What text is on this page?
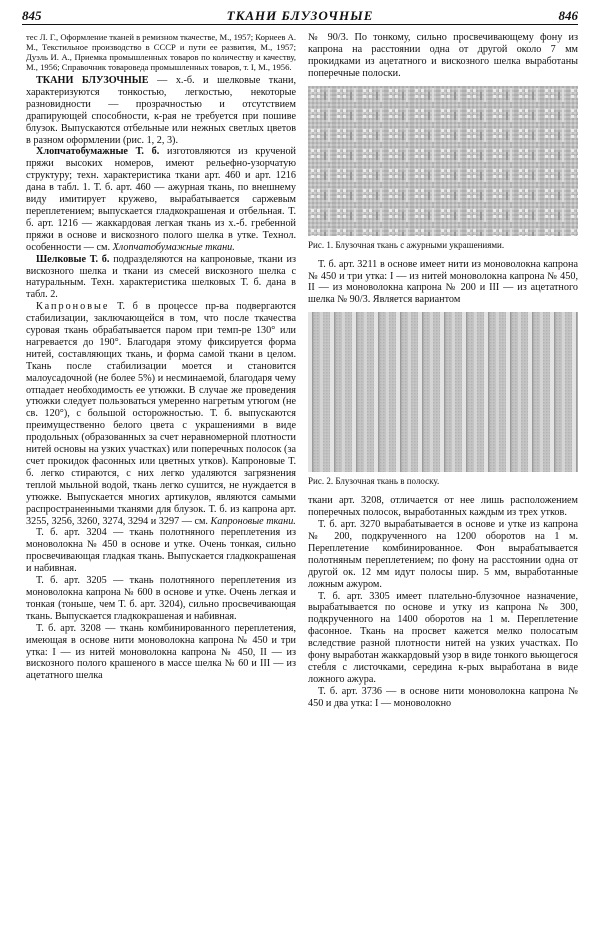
845	ТКАНИ БЛУЗОЧНЫЕ	846

тес Л. Г., Оформление тканей в ремизном ткачестве, М., 1957; Корнеев А. М., Текстильное производство в СССР и пути ее развития, М., 1957; Дуэль И. А., Приемка промышленных товаров по количеству и качеству, М., 1956; Справочник товароведа промышленных товаров, т. I, М., 1956.

ТКАНИ БЛУЗОЧНЫЕ — х.-б. и шелковые ткани, характеризуются тонкостью, легкостью, некоторые разновидности — прозрачностью и отсутствием драпирующей способности, к-рая не требуется при пошиве блузок. Выпускаются отбельные или нежных светлых цветов в разном оформлении (рис. 1, 2, 3).

Хлопчатобумажные Т. б. изготовляются из крученой пряжи высоких номеров, имеют рельефно-узорчатую структуру; техн. характеристика ткани арт. 460 и арт. 1216 дана в табл. 1. Т. б. арт. 460 — ажурная ткань, по внешнему виду имитирует кружево, вырабатывается саржевым переплетением; выпускается гладкокрашеная и отбельная. Т. б. арт. 1216 — жаккардовая легкая ткань из х.-б. гребенной пряжи в основе и вискозного полого шелка в утке. Технол. особенности — см. Хлопчатобумажные ткани.

Шелковые Т. б. подразделяются на капроновые, ткани из вискозного шелка и ткани из смесей вискозного шелка с натуральным. Техн. характеристика шелковых Т. б. дана в табл. 2.

Капроновые Т. б в процессе пр-ва подвергаются стабилизации, заключающейся в том, что после ткачества суровая ткань обрабатывается паром при темп-ре 130° или нагревается до 190°. Благодаря этому фиксируется форма нитей, составляющих ткань, и форма самой ткани в целом. Ткань после стабилизации моется и становится малоусадочной (не более 5%) и несминаемой, благодаря чему отпадает необходимость ее утюжки. В случае же проведения утюжки следует пользоваться умеренно нагретым утюгом (не св. 120°), с большой осторожностью. Т. б. выпускаются преимущественно белого цвета с украшениями в виде продольных (образованных за счет неравномерной плотности нитей основы на узких участках) или поперечных полосок (за счет прокидок фасонных или цветных утков). Капроновые Т. б. легко стираются, с них легко удаляются загрязнения теплой мыльной водой, ткань легко сушится, не нуждается в утюжке. Выпускается многих артикулов, являются самыми распространенными тканями для блузок. Т. б. из капрона арт. 3255, 3256, 3260, 3274, 3294 и 3297 — см. Капроновые ткани.

Т. б. арт. 3204 — ткань полотняного переплетения из моноволокна № 450 в основе и утке. Очень тонкая, сильно просвечивающая гладкая ткань. Выпускается гладкокрашеная и набивная.

Т. б. арт. 3205 — ткань полотняного переплетения из моноволокна капрона № 600 в основе и утке. Очень легкая и тонкая (тоньше, чем Т. б. арт. 3204), сильно просвечивающая ткань. Выпускается гладкокрашеная и набивная.

Т. б. арт. 3208 — ткань комбинированного переплетения, имеющая в основе нити моноволокна капрона № 450 и три утка: I — из нитей моноволокна капрона № 450, II — из вискозного полого крашеного в массе шелка № 60 и III — из ацетатного шелка

№ 90/3. По тонкому, сильно просвечивающему фону из капрона на расстоянии одна от другой около 7 мм прокидками из ацетатного и вискозного шелка выработаны поперечные полоски.

Рис. 1. Блузочная ткань с ажурными украшениями.

Т. б. арт. 3211 в основе имеет нити из моноволокна капрона № 450 и три утка: I — из нитей моноволокна капрона № 450, II — из моноволокна капрона № 200 и III — из ацетатного шелка № 90/3. Является вариантом

Рис. 2. Блузочная ткань в полоску.

ткани арт. 3208, отличается от нее лишь расположением поперечных полосок, выработанных каждым из трех утков.

Т. б. арт. 3270 вырабатывается в основе и утке из капрона № 200, подкрученного на 1200 оборотов на 1 м. Переплетение комбинированное. Фон вырабатывается полотняным переплетением; по фону на расстоянии одна от другой ок. 12 мм идут полосы шир. 5 мм, выработанные ложным ажуром.

Т. б. арт. 3305 имеет плательно-блузочное назначение, вырабатывается по основе и утку из капрона № 300, подкрученного на 1400 оборотов на 1 м. Переплетение фасонное. Ткань на просвет кажется мелко полосатым вследствие разной плотности нитей на узких участках. По фону выработан жаккардовый узор в виде тонкого вьющегося стебля с листочками, середина к-рых выработана в виде ложного ажура.

Т. б. арт. 3736 — в основе нити моноволокна капрона № 450 и два утка: I — моноволокно
